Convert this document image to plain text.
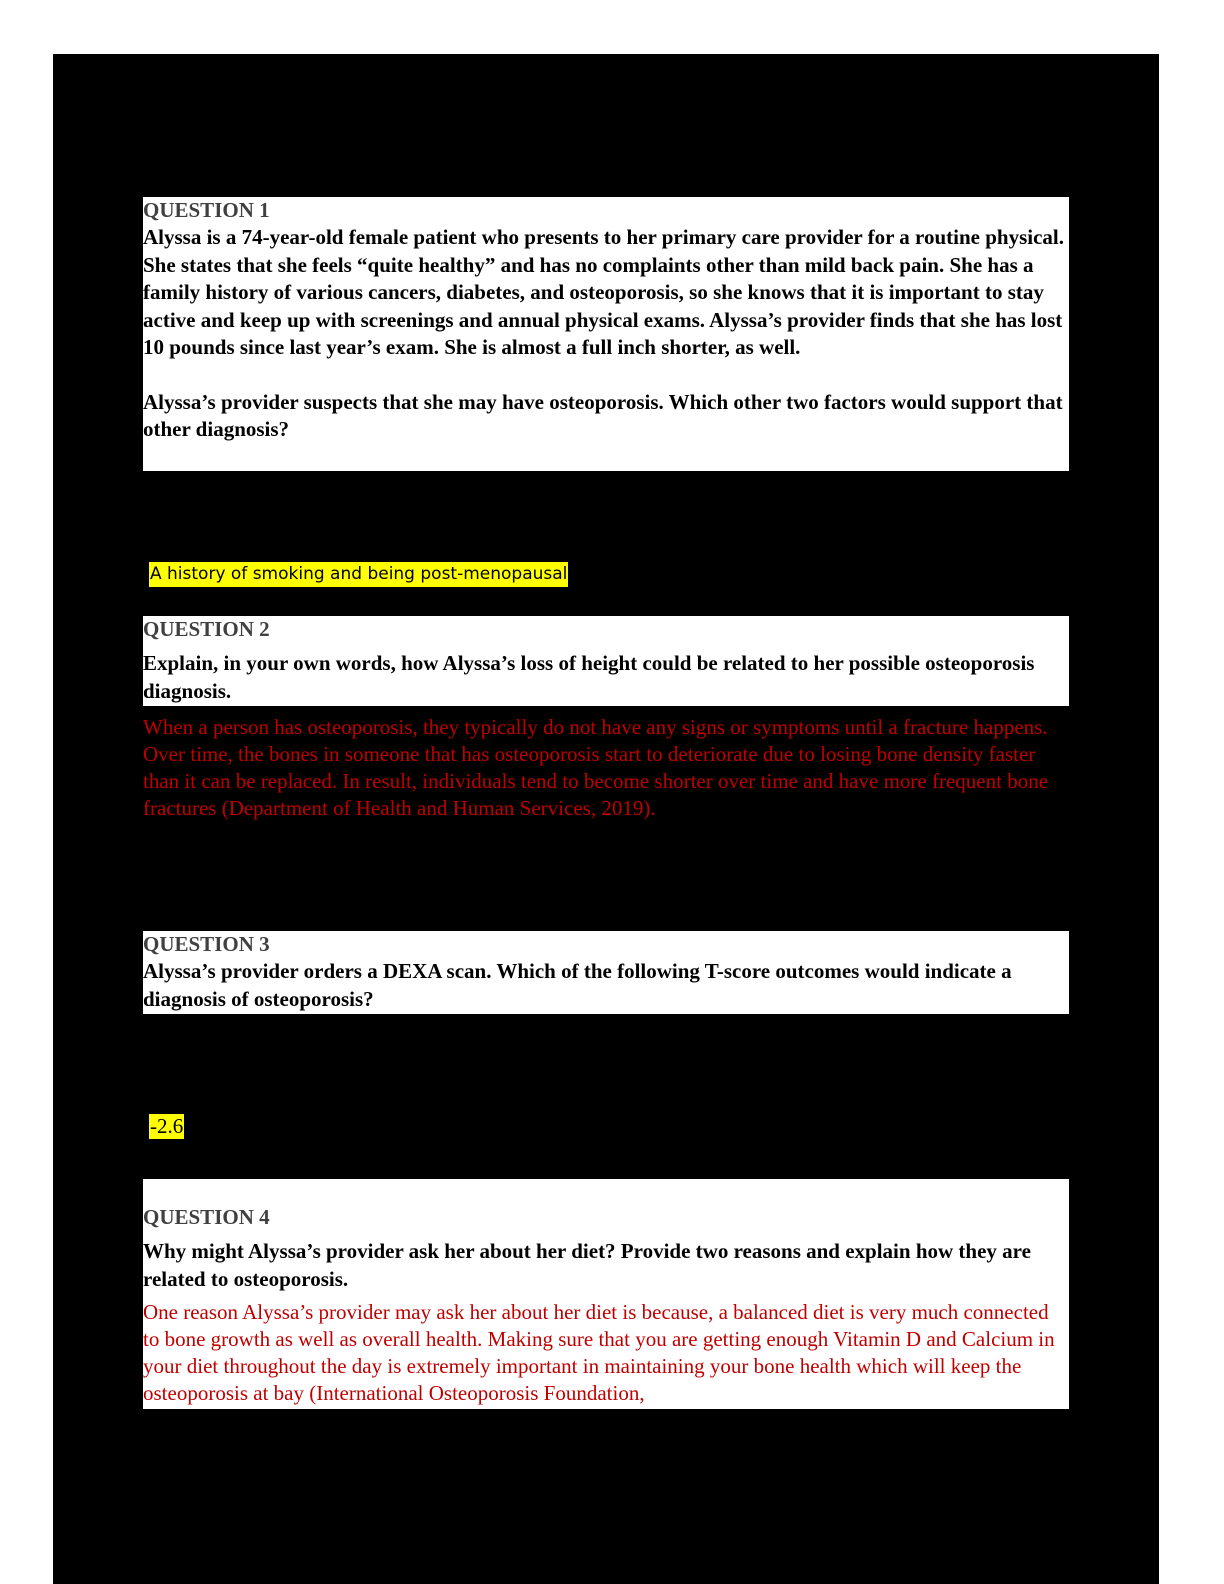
QUESTION 1
Alyssa is a 74-year-old female patient who presents to her primary care provider for a routine physical. She states that she feels “quite healthy” and has no complaints other than mild back pain. She has a family history of various cancers, diabetes, and osteoporosis, so she knows that it is important to stay active and keep up with screenings and annual physical exams. Alyssa’s provider finds that she has lost 10 pounds since last year’s exam. She is almost a full inch shorter, as well.
Alyssa’s provider suspects that she may have osteoporosis. Which other two factors would support that other diagnosis?
A history of smoking and being post-menopausal
QUESTION 2
Explain, in your own words, how Alyssa’s loss of height could be related to her possible osteoporosis diagnosis.
When a person has osteoporosis, they typically do not have any signs or symptoms until a fracture happens. Over time, the bones in someone that has osteoporosis start to deteriorate due to losing bone density faster than it can be replaced. In result, individuals tend to become shorter over time and have more frequent bone fractures (Department of Health and Human Services, 2019).
QUESTION 3
Alyssa’s provider orders a DEXA scan. Which of the following T-score outcomes would indicate a diagnosis of osteoporosis?
-2.6
QUESTION 4
Why might Alyssa’s provider ask her about her diet? Provide two reasons and explain how they are related to osteoporosis.
One reason Alyssa’s provider may ask her about her diet is because, a balanced diet is very much connected to bone growth as well as overall health. Making sure that you are getting enough Vitamin D and Calcium in your diet throughout the day is extremely important in maintaining your bone health which will keep the osteoporosis at bay (International Osteoporosis Foundation,
